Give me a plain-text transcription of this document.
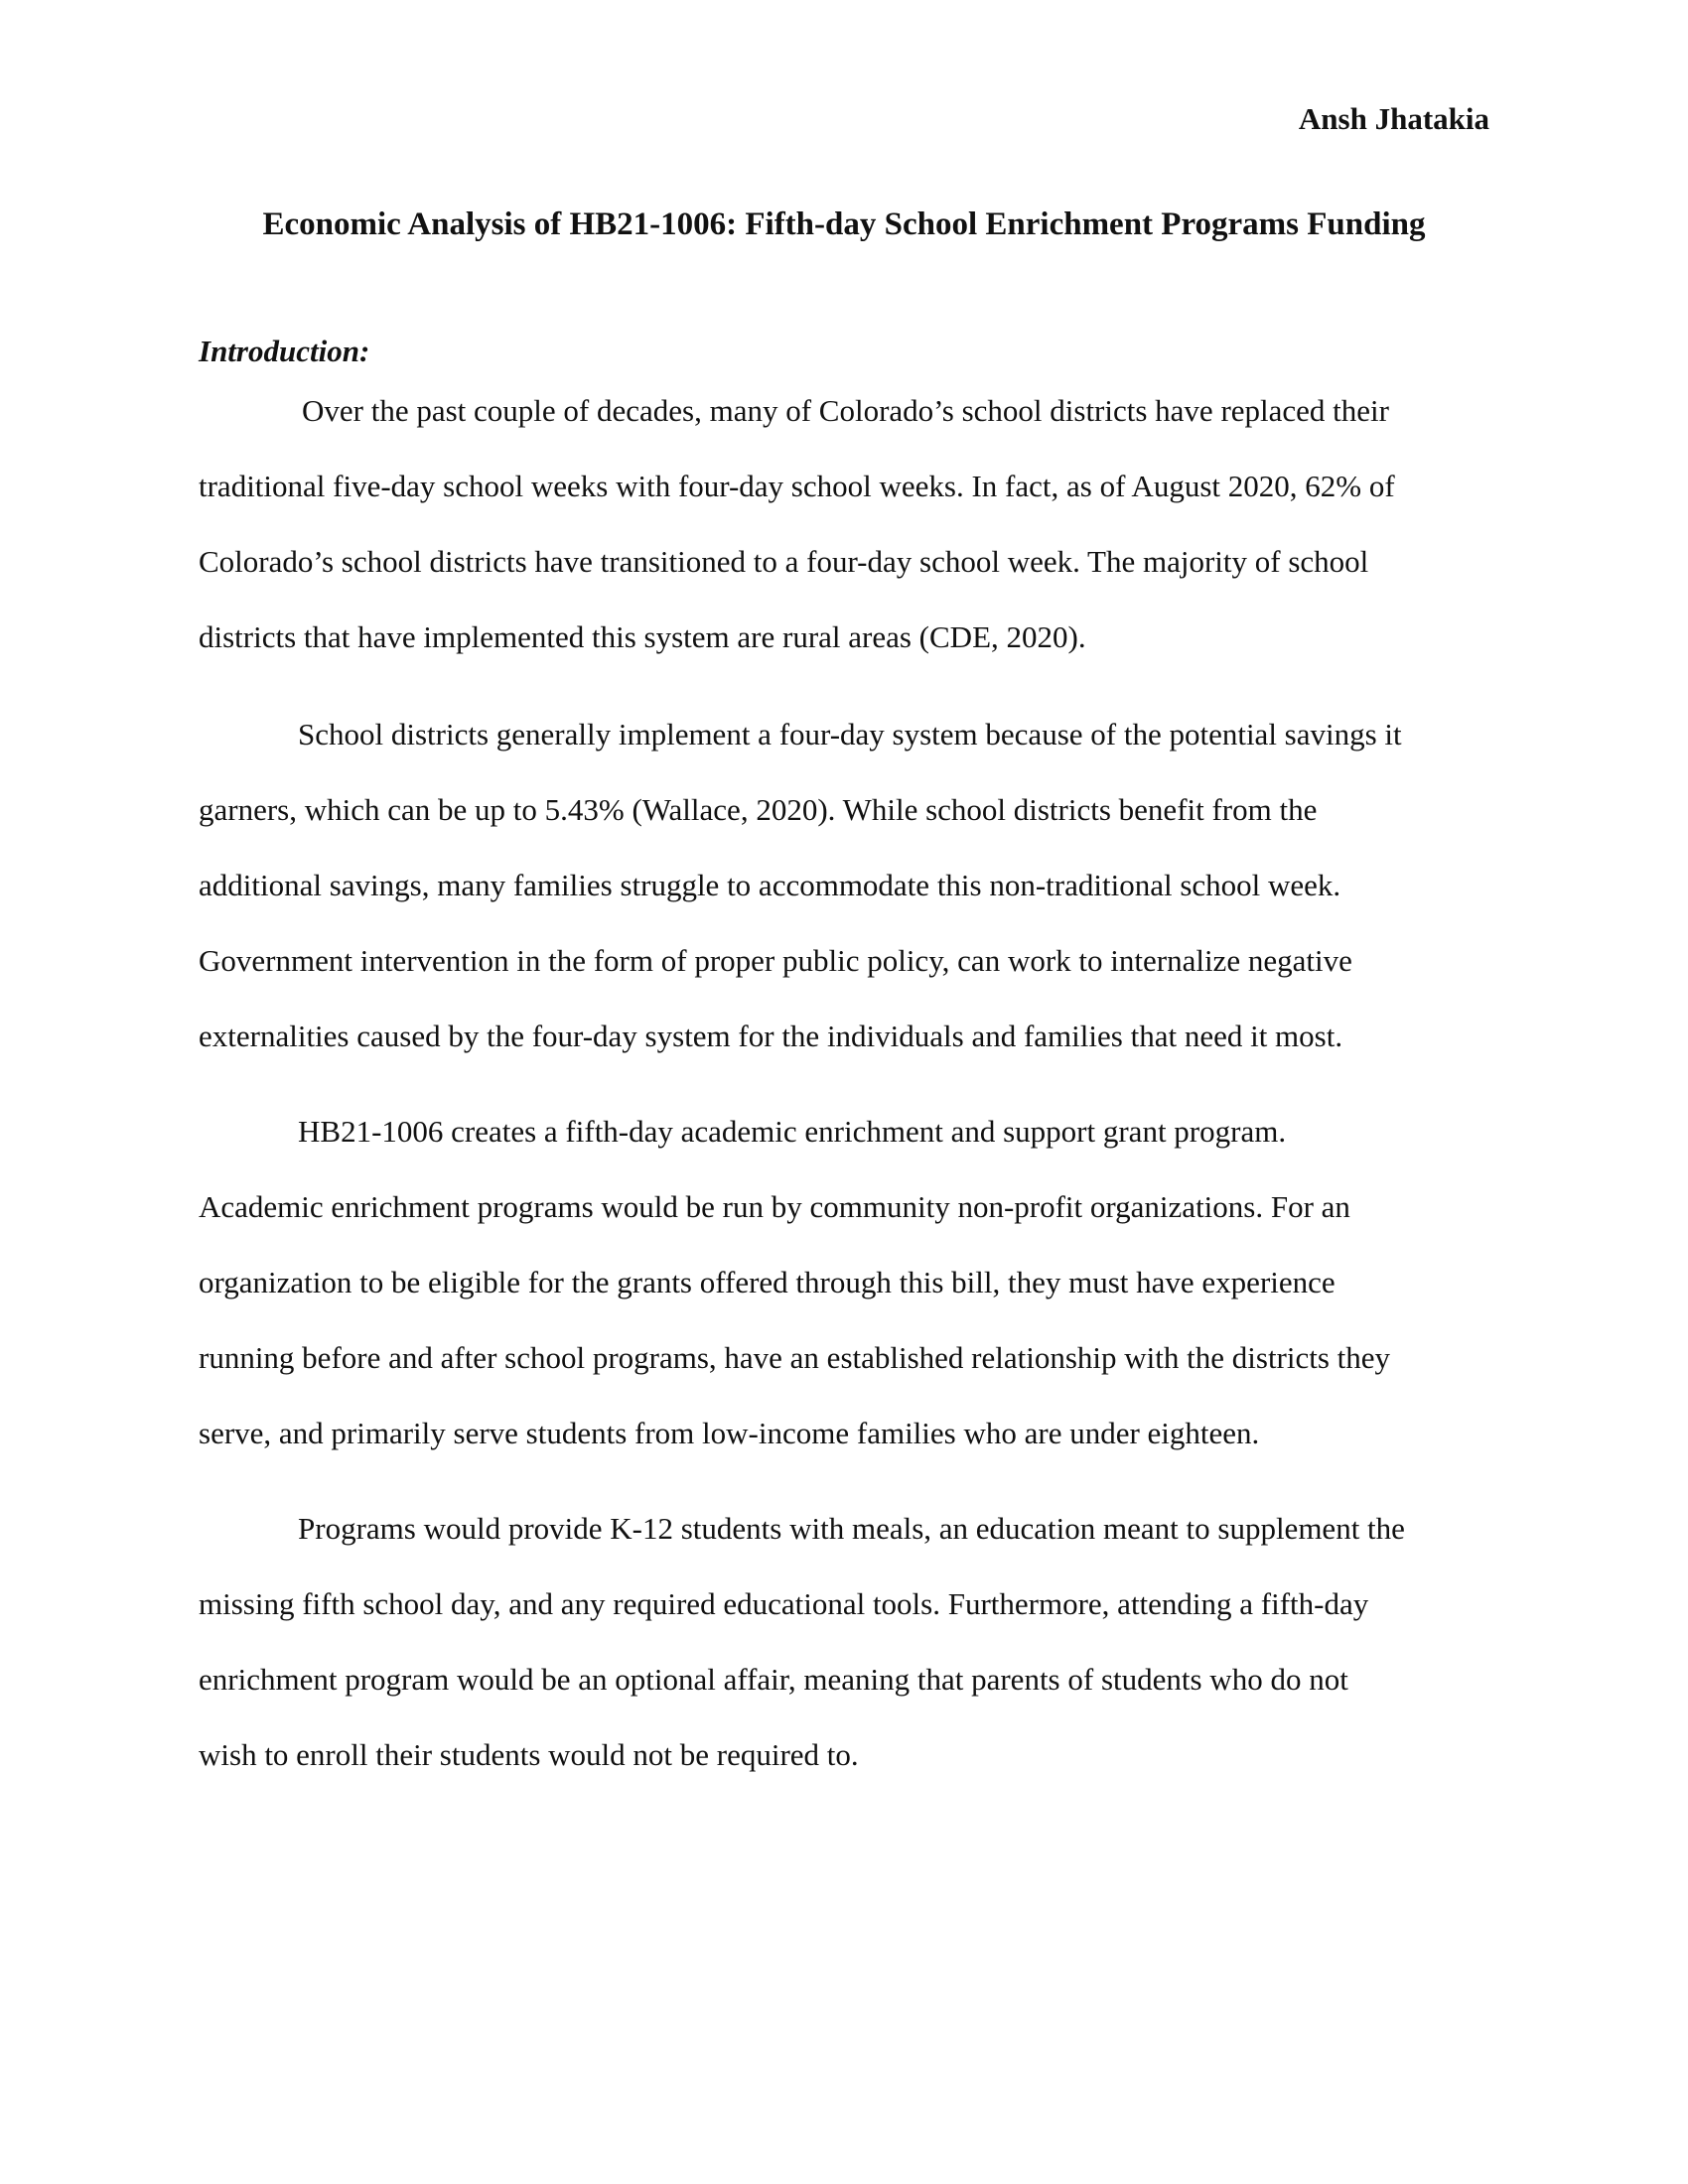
Ansh Jhatakia
Economic Analysis of HB21-1006: Fifth-day School Enrichment Programs Funding
Introduction:
Over the past couple of decades, many of Colorado’s school districts have replaced their
traditional five-day school weeks with four-day school weeks. In fact, as of August 2020, 62% of
Colorado’s school districts have transitioned to a four-day school week. The majority of school
districts that have implemented this system are rural areas (CDE, 2020).
School districts generally implement a four-day system because of the potential savings it
garners, which can be up to 5.43% (Wallace, 2020). While school districts benefit from the
additional savings, many families struggle to accommodate this non-traditional school week.
Government intervention in the form of proper public policy, can work to internalize negative
externalities caused by the four-day system for the individuals and families that need it most.
HB21-1006 creates a fifth-day academic enrichment and support grant program.
Academic enrichment programs would be run by community non-profit organizations. For an
organization to be eligible for the grants offered through this bill, they must have experience
running before and after school programs, have an established relationship with the districts they
serve, and primarily serve students from low-income families who are under eighteen.
Programs would provide K-12 students with meals, an education meant to supplement the
missing fifth school day, and any required educational tools. Furthermore, attending a fifth-day
enrichment program would be an optional affair, meaning that parents of students who do not
wish to enroll their students would not be required to.
